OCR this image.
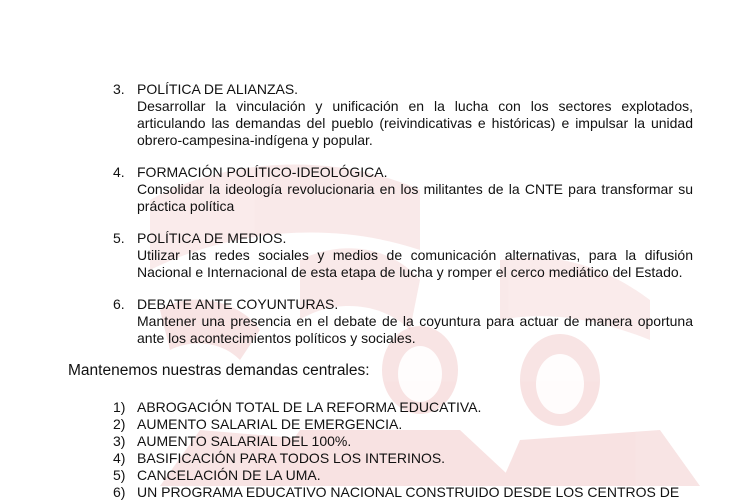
3. POLÍTICA DE ALIANZAS.
Desarrollar la vinculación y unificación en la lucha con los sectores explotados, articulando las demandas del pueblo (reivindicativas e históricas) e impulsar la unidad obrero-campesina-indígena y popular.
4. FORMACIÓN POLÍTICO-IDEOLÓGICA.
Consolidar la ideología revolucionaria en los militantes de la CNTE para transformar su práctica política
5. POLÍTICA DE MEDIOS.
Utilizar las redes sociales y medios de comunicación alternativas, para la difusión Nacional e Internacional de esta etapa de lucha y romper el cerco mediático del Estado.
6. DEBATE ANTE COYUNTURAS.
Mantener una presencia en el debate de la coyuntura para actuar de manera oportuna ante los acontecimientos políticos y sociales.
Mantenemos nuestras demandas centrales:
1) ABROGACIÓN TOTAL DE LA REFORMA EDUCATIVA.
2) AUMENTO SALARIAL DE EMERGENCIA.
3) AUMENTO SALARIAL DEL 100%.
4) BASIFICACIÓN PARA TODOS LOS INTERINOS.
5) CANCELACIÓN DE LA UMA.
6) UN PROGRAMA EDUCATIVO NACIONAL CONSTRUIDO DESDE LOS CENTROS DE
